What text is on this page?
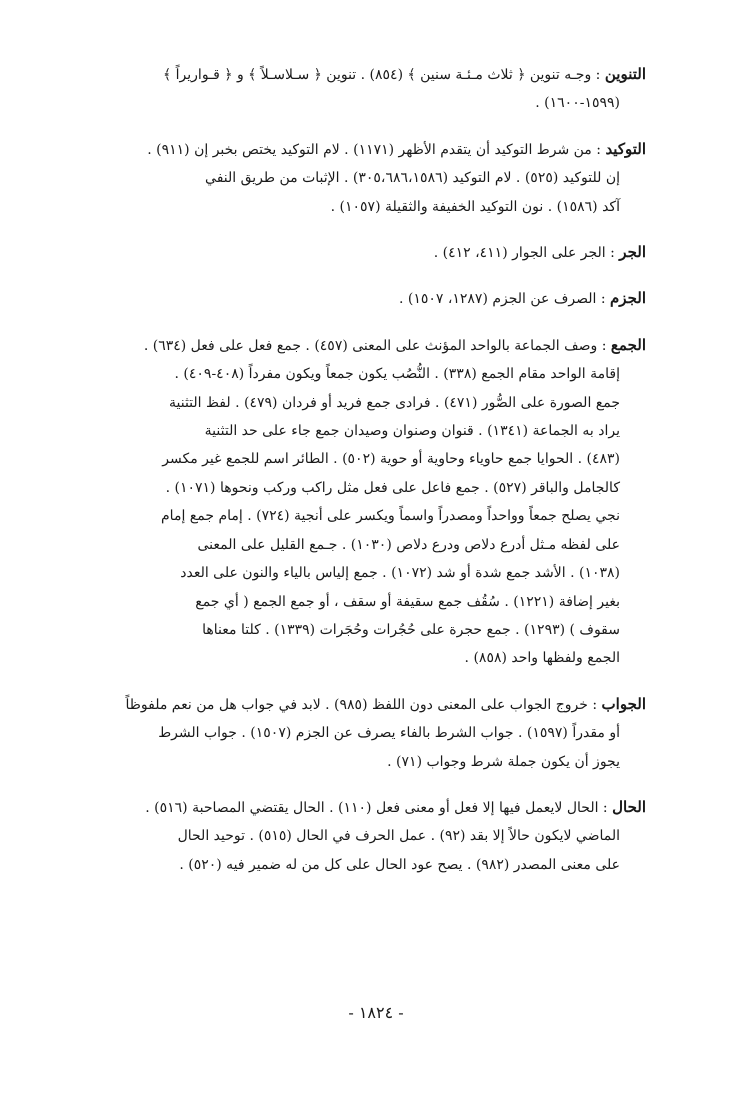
التنوين : وجـه تنوين ﴿ ثلاث مـئـة سنين ﴾ (٨٥٤) . تنوين ﴿ سـلاسـلاً ﴾ و ﴿ قـواريراً ﴾
(١٥٩٩-١٦٠٠) .
التوكيد : من شرط التوكيد أن يتقدم الأظهر (١١٧١) . لام التوكيد يختص بخبر إن (٩١١) .
إن للتوكيد (٥٢٥) . لام التوكيد (٣٠٥،٦٨٦،١٥٨٦) . الإثبات من طريق النفي
آكد (١٥٨٦) . نون التوكيد الخفيفة والثقيلة (١٠٥٧) .
الجر : الجر على الجوار (٤١١، ٤١٢) .
الجزم : الصرف عن الجزم (١٢٨٧، ١٥٠٧) .
الجمع : وصف الجماعة بالواحد المؤنث على المعنى (٤٥٧) . جمع فعل على فعل (٦٣٤) .
إقامة الواحد مقام الجمع (٣٣٨) . النُّصُب يكون جمعاً ويكون مفرداً (٤٠٨-٤٠٩) .
جمع الصورة على الصُّور (٤٧١) . فرادى جمع فريد أو فردان (٤٧٩) . لفظ التثنية
يراد به الجماعة (١٣٤١) . قنوان وصنوان وصيدان جمع جاء على حد التثنية
(٤٨٣) . الحوايا جمع حاوياء وحاوية أو حوية (٥٠٢) . الطائر اسم للجمع غير مكسر
كالجامل والباقر (٥٢٧) . جمع فاعل على فعل مثل راكب وركب ونحوها (١٠٧١) .
نجي يصلح جمعاً وواحداً ومصدراً واسماً ويكسر على أنجية (٧٢٤) . إمام جمع إمام
على لفظه مـثل أدرع دلاص ودرع دلاص (١٠٣٠) . جـمع القليل على المعنى
(١٠٣٨) . الأشد جمع شدة أو شد (١٠٧٢) . جمع إلياس بالياء والنون على العدد
بغير إضافة (١٢٢١) . سُقُف جمع سقيفة أو سقف ، أو جمع الجمع ( أي جمع
سقوف ) (١٢٩٣) . جمع حجرة على حُجُرات وحُجَرات (١٣٣٩) . كلتا معناها
الجمع ولفظها واحد (٨٥٨) .
الجواب : خروج الجواب على المعنى دون اللفظ (٩٨٥) . لابد في جواب هل من نعم ملفوظاً
أو مقدراً (١٥٩٧) . جواب الشرط بالفاء يصرف عن الجزم (١٥٠٧) . جواب الشرط
يجوز أن يكون جملة شرط وجواب (٧١) .
الحال : الحال لايعمل فيها إلا فعل أو معنى فعل (١١٠) . الحال يقتضي المصاحبة (٥١٦) .
الماضي لايكون حالاً إلا بقد (٩٢) . عمل الحرف في الحال (٥١٥) . توحيد الحال
على معنى المصدر (٩٨٢) . يصح عود الحال على كل من له ضمير فيه (٥٢٠) .
- ١٨٢٤ -
